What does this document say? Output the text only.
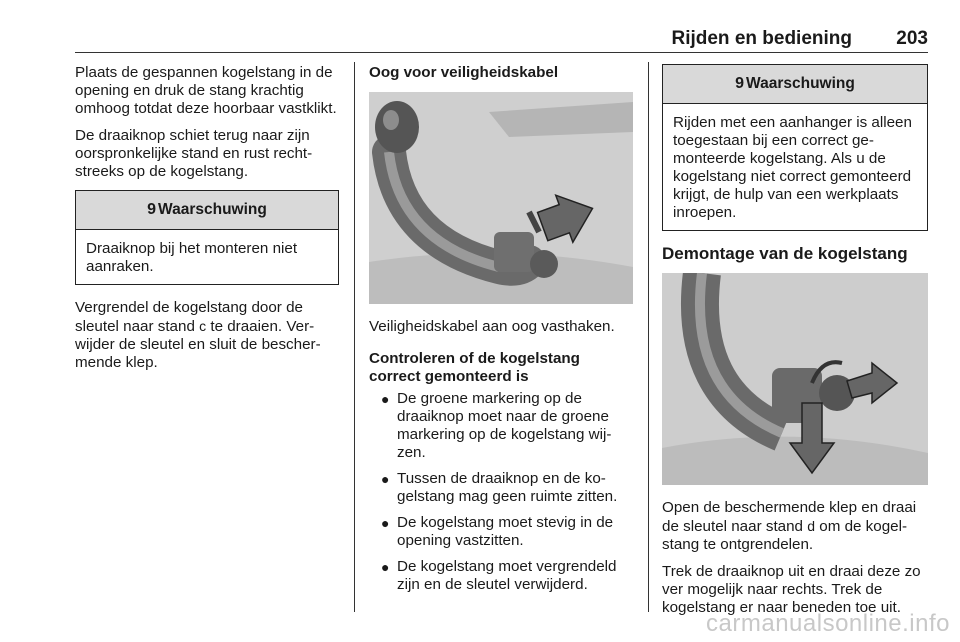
Rijden en bediening 203

Plaats de gespannen kogelstang in de opening en druk de stang krachtig omhoog totdat deze hoorbaar vastklikt.

De draaiknop schiet terug naar zijn oorspronkelijke stand en rust rechtstreeks op de kogelstang.

9 Waarschuwing
Draaiknop bij het monteren niet aanraken.

Vergrendel de kogelstang door de sleutel naar stand c te draaien. Verwijder de sleutel en sluit de beschermende klep.

Oog voor veiligheidskabel

Veiligheidskabel aan oog vasthaken.

Controleren of de kogelstang correct gemonteerd is
● De groene markering op de draaiknop moet naar de groene markering op de kogelstang wijzen.
● Tussen de draaiknop en de kogelstang mag geen ruimte zitten.
● De kogelstang moet stevig in de opening vastzitten.
● De kogelstang moet vergrendeld zijn en de sleutel verwijderd.
9 Waarschuwing
Rijden met een aanhanger is alleen toegestaan bij een correct gemonteerde kogelstang. Als u de kogelstang niet correct gemonteerd krijgt, de hulp van een werkplaats inroepen.
Demontage van de kogelstang

Open de beschermende klep en draai de sleutel naar stand d om de kogelstang te ontgrendelen.

Trek de draaiknop uit en draai deze zo ver mogelijk naar rechts. Trek de kogelstang er naar beneden toe uit.

carmanualsonline.info
